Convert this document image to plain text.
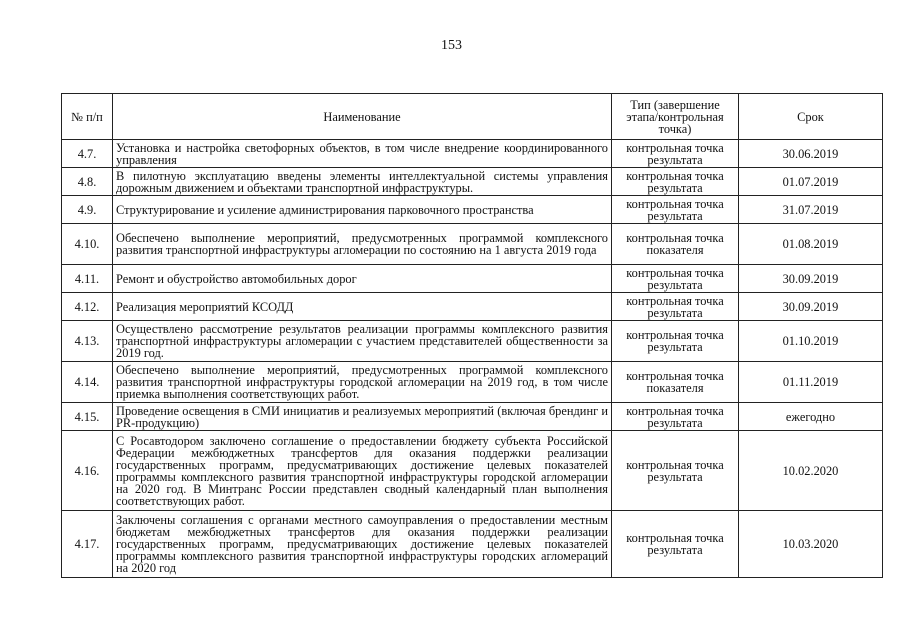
153
№ п/п	Наименование	Тип (завершение этапа/контрольная точка)	Срок
4.7.	Установка и настройка светофорных объектов, в том числе внедрение координированного управления	контрольная точка результата	30.06.2019
4.8.	В пилотную эксплуатацию введены элементы интеллектуальной системы управления дорожным движением и объектами транспортной инфраструктуры.	контрольная точка результата	01.07.2019
4.9.	Структурирование и усиление администрирования парковочного пространства	контрольная точка результата	31.07.2019
4.10.	Обеспечено выполнение мероприятий, предусмотренных программой комплексного развития транспортной инфраструктуры агломерации по состоянию на 1 августа 2019 года	контрольная точка показателя	01.08.2019
4.11.	Ремонт и обустройство автомобильных дорог	контрольная точка результата	30.09.2019
4.12.	Реализация мероприятий КСОДД	контрольная точка результата	30.09.2019
4.13.	Осуществлено рассмотрение результатов реализации программы комплексного развития транспортной инфраструктуры агломерации с участием представителей общественности за 2019 год.	контрольная точка результата	01.10.2019
4.14.	Обеспечено выполнение мероприятий, предусмотренных программой комплексного развития транспортной инфраструктуры городской агломерации на 2019 год, в том числе приемка выполнения соответствующих работ.	контрольная точка показателя	01.11.2019
4.15.	Проведение освещения в СМИ инициатив и реализуемых мероприятий (включая брендинг и PR-продукцию)	контрольная точка результата	ежегодно
4.16.	С Росавтодором заключено соглашение о предоставлении бюджету субъекта Российской Федерации межбюджетных трансфертов для оказания поддержки реализации государственных программ, предусматривающих достижение целевых показателей программы комплексного развития транспортной инфраструктуры городской агломерации на 2020 год. В Минтранс России представлен сводный календарный план выполнения соответствующих работ.	контрольная точка результата	10.02.2020
4.17.	Заключены соглашения с органами местного самоуправления о предоставлении местным бюджетам межбюджетных трансфертов для оказания поддержки реализации государственных программ, предусматривающих достижение целевых показателей программы комплексного развития транспортной инфраструктуры городских агломераций на 2020 год	контрольная точка результата	10.03.2020
